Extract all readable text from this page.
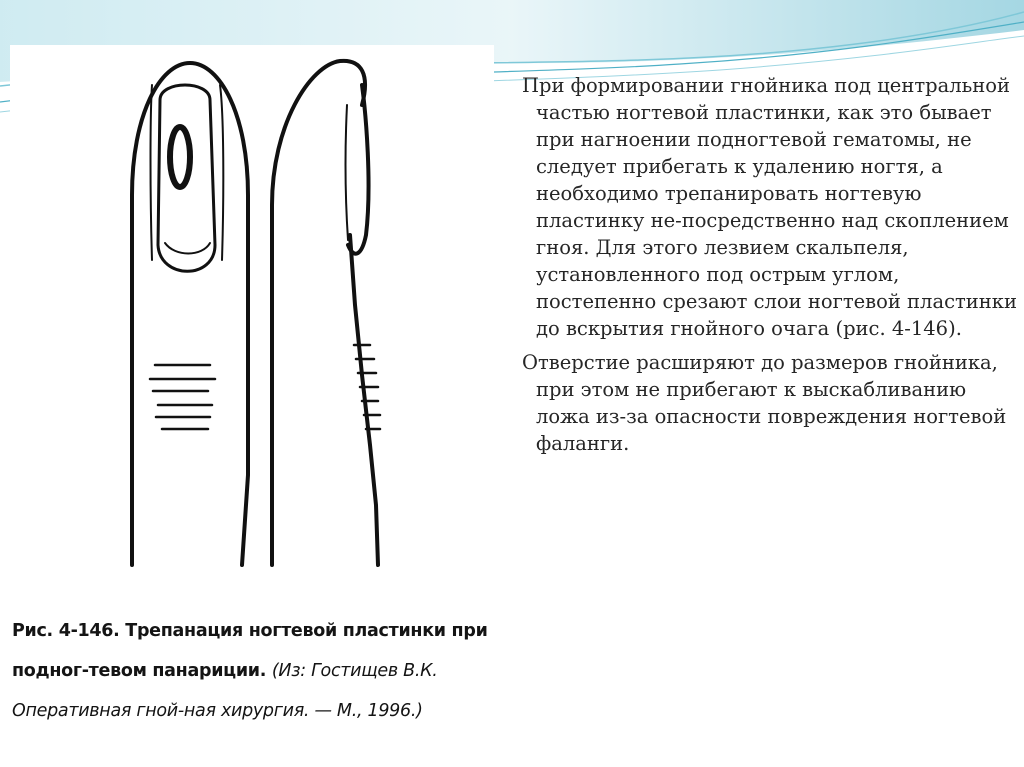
Рис. 4-146. Трепанация ногтевой пластинки при подног-тевом панариции. (Из: Гостищев В.К. Оперативная гной-ная хирургия. — М., 1996.)

При формировании гнойника под центральной частью ногтевой пластинки, как это бывает при нагноении подногтевой гематомы, не следует прибегать к удалению ногтя, а необходимо трепанировать ногтевую пластинку не-посредственно над скоплением гноя. Для этого лезвием скальпеля, установленного под острым углом, постепенно срезают слои ногтевой пластинки до вскрытия гнойного очага (рис. 4-146).

Отверстие расширяют до размеров гнойника, при этом не прибегают к выскабливанию ложа из-за опасности повреждения ногтевой фаланги.
